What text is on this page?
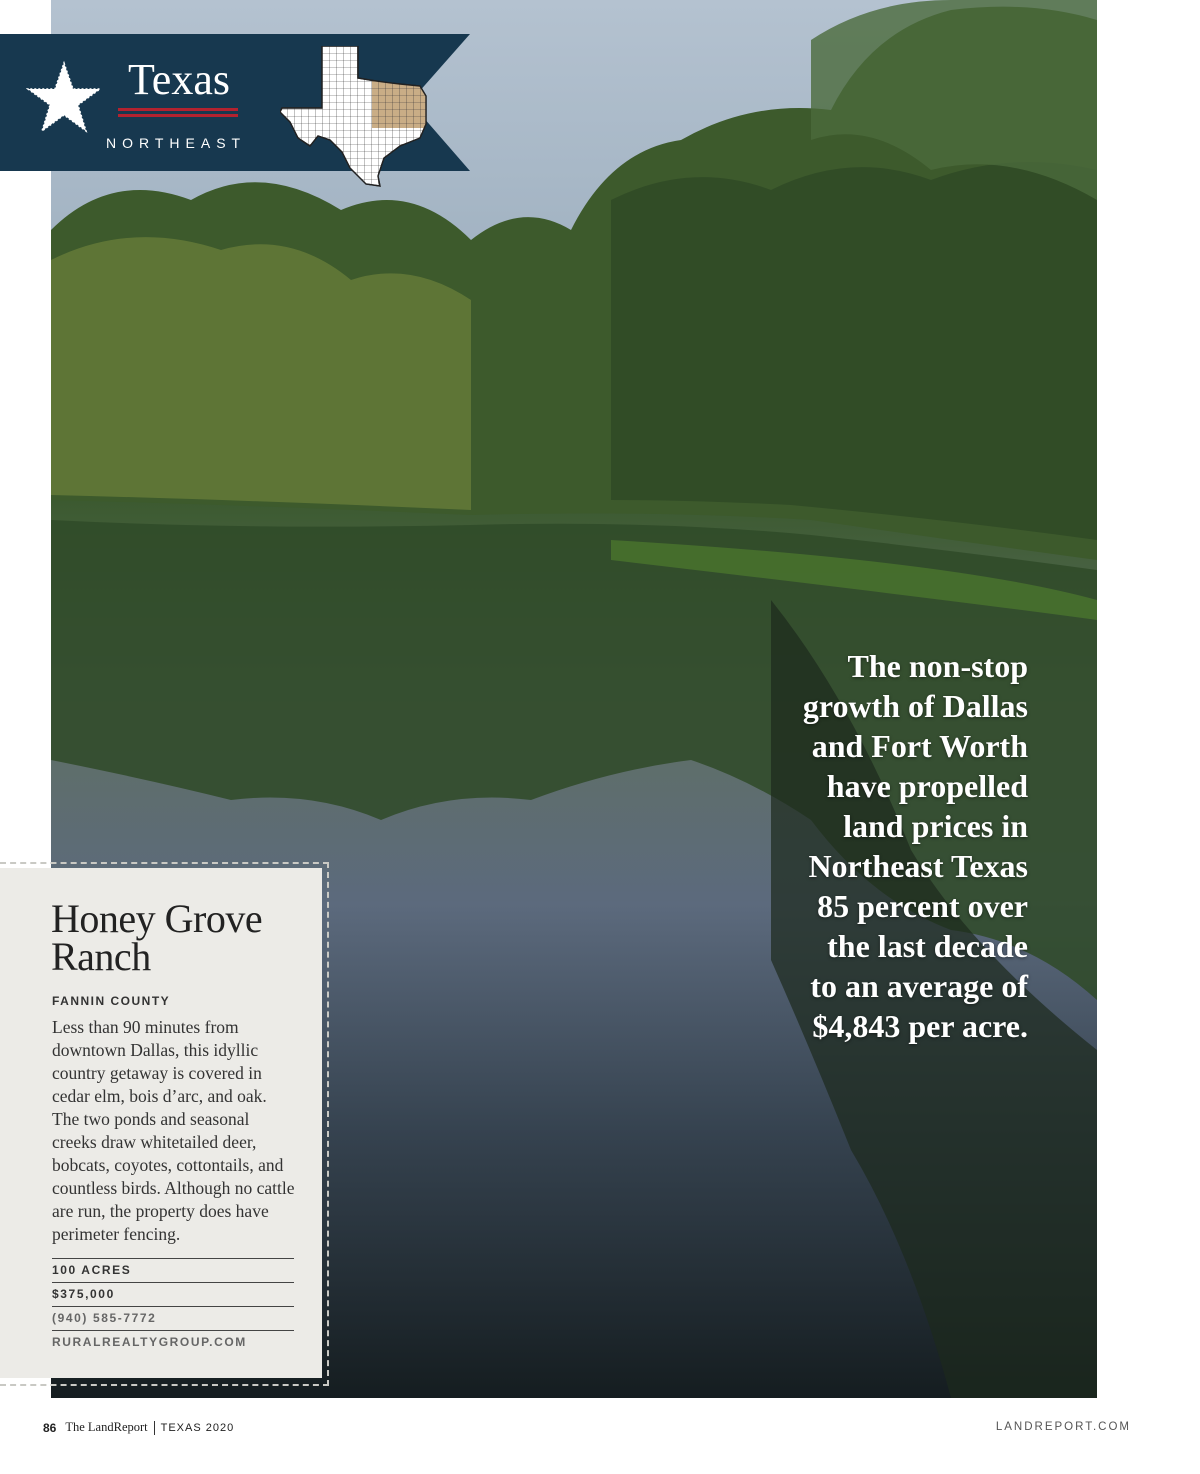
Texas
NORTHEAST
The non-stop
growth of Dallas
and Fort Worth
have propelled
land prices in
Northeast Texas
85 percent over
the last decade
to an average of
$4,843 per acre.
Honey Grove
Ranch
FANNIN COUNTY

Less than 90 minutes from downtown Dallas, this idyllic country getaway is covered in cedar elm, bois d’arc, and oak. The two ponds and seasonal creeks draw whitetailed deer, bobcats, coyotes, cottontails, and countless birds. Although no cattle are run, the property does have perimeter fencing.

100 ACRES
$375,000
(940) 585-7772
RURALREALTYGROUP.COM
86 The LandReport TEXAS 2020	LANDREPORT.COM
